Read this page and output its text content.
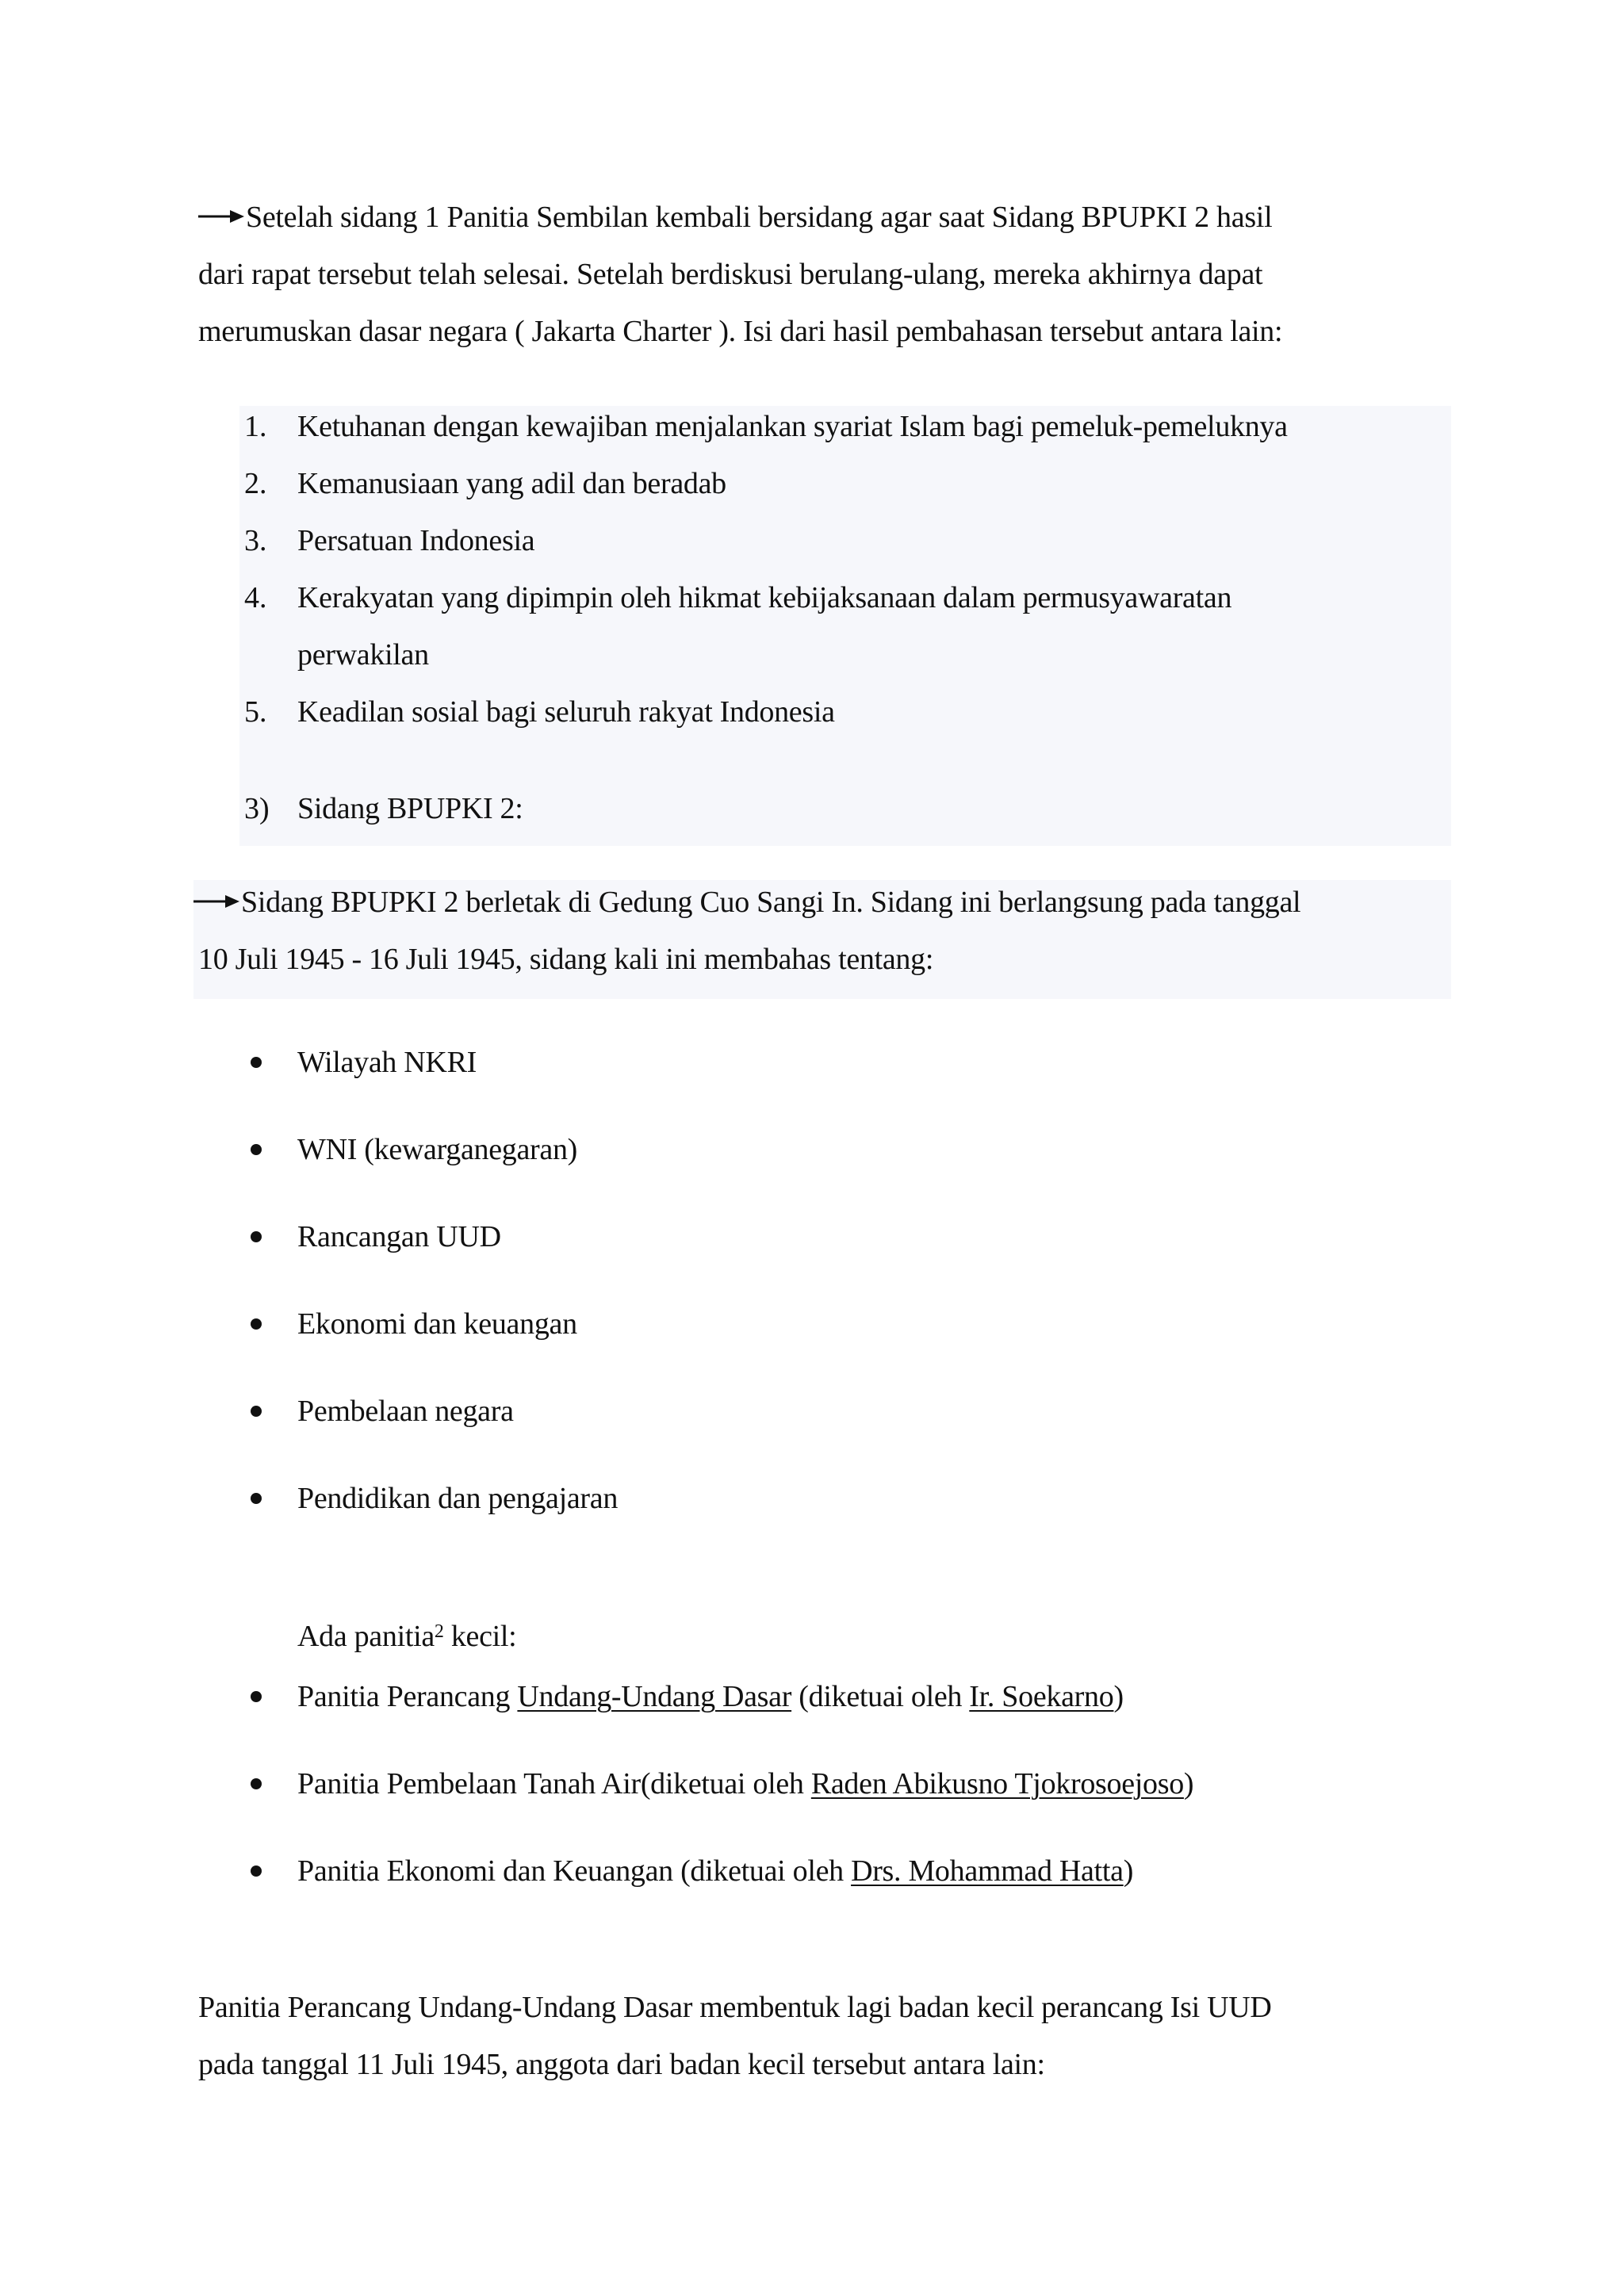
Setelah sidang 1 Panitia Sembilan kembali bersidang agar saat Sidang BPUPKI 2 hasil
dari rapat tersebut telah selesai. Setelah berdiskusi berulang-ulang, mereka akhirnya dapat
merumuskan dasar negara ( Jakarta Charter ). Isi dari hasil pembahasan tersebut antara lain:
1.	Ketuhanan dengan kewajiban menjalankan syariat Islam bagi pemeluk-pemeluknya
2.	Kemanusiaan yang adil dan beradab
3.	Persatuan Indonesia
4.	Kerakyatan yang dipimpin oleh hikmat kebijaksanaan dalam permusyawaratan
perwakilan
5.	Keadilan sosial bagi seluruh rakyat Indonesia
3) Sidang BPUPKI 2:
Sidang BPUPKI 2 berletak di Gedung Cuo Sangi In. Sidang ini berlangsung pada tanggal
10 Juli 1945 - 16 Juli 1945, sidang kali ini membahas tentang:
Wilayah NKRI
WNI (kewarganegaran)
Rancangan UUD
Ekonomi dan keuangan
Pembelaan negara
Pendidikan dan pengajaran
Ada panitia$^2$ kecil:
Panitia Perancang Undang-Undang Dasar (diketuai oleh Ir. Soekarno)
Panitia Pembelaan Tanah Air(diketuai oleh Raden Abikusno Tjokrosoejoso)
Panitia Ekonomi dan Keuangan (diketuai oleh Drs. Mohammad Hatta)
Panitia Perancang Undang-Undang Dasar membentuk lagi badan kecil perancang Isi UUD
pada tanggal 11 Juli 1945, anggota dari badan kecil tersebut antara lain:
